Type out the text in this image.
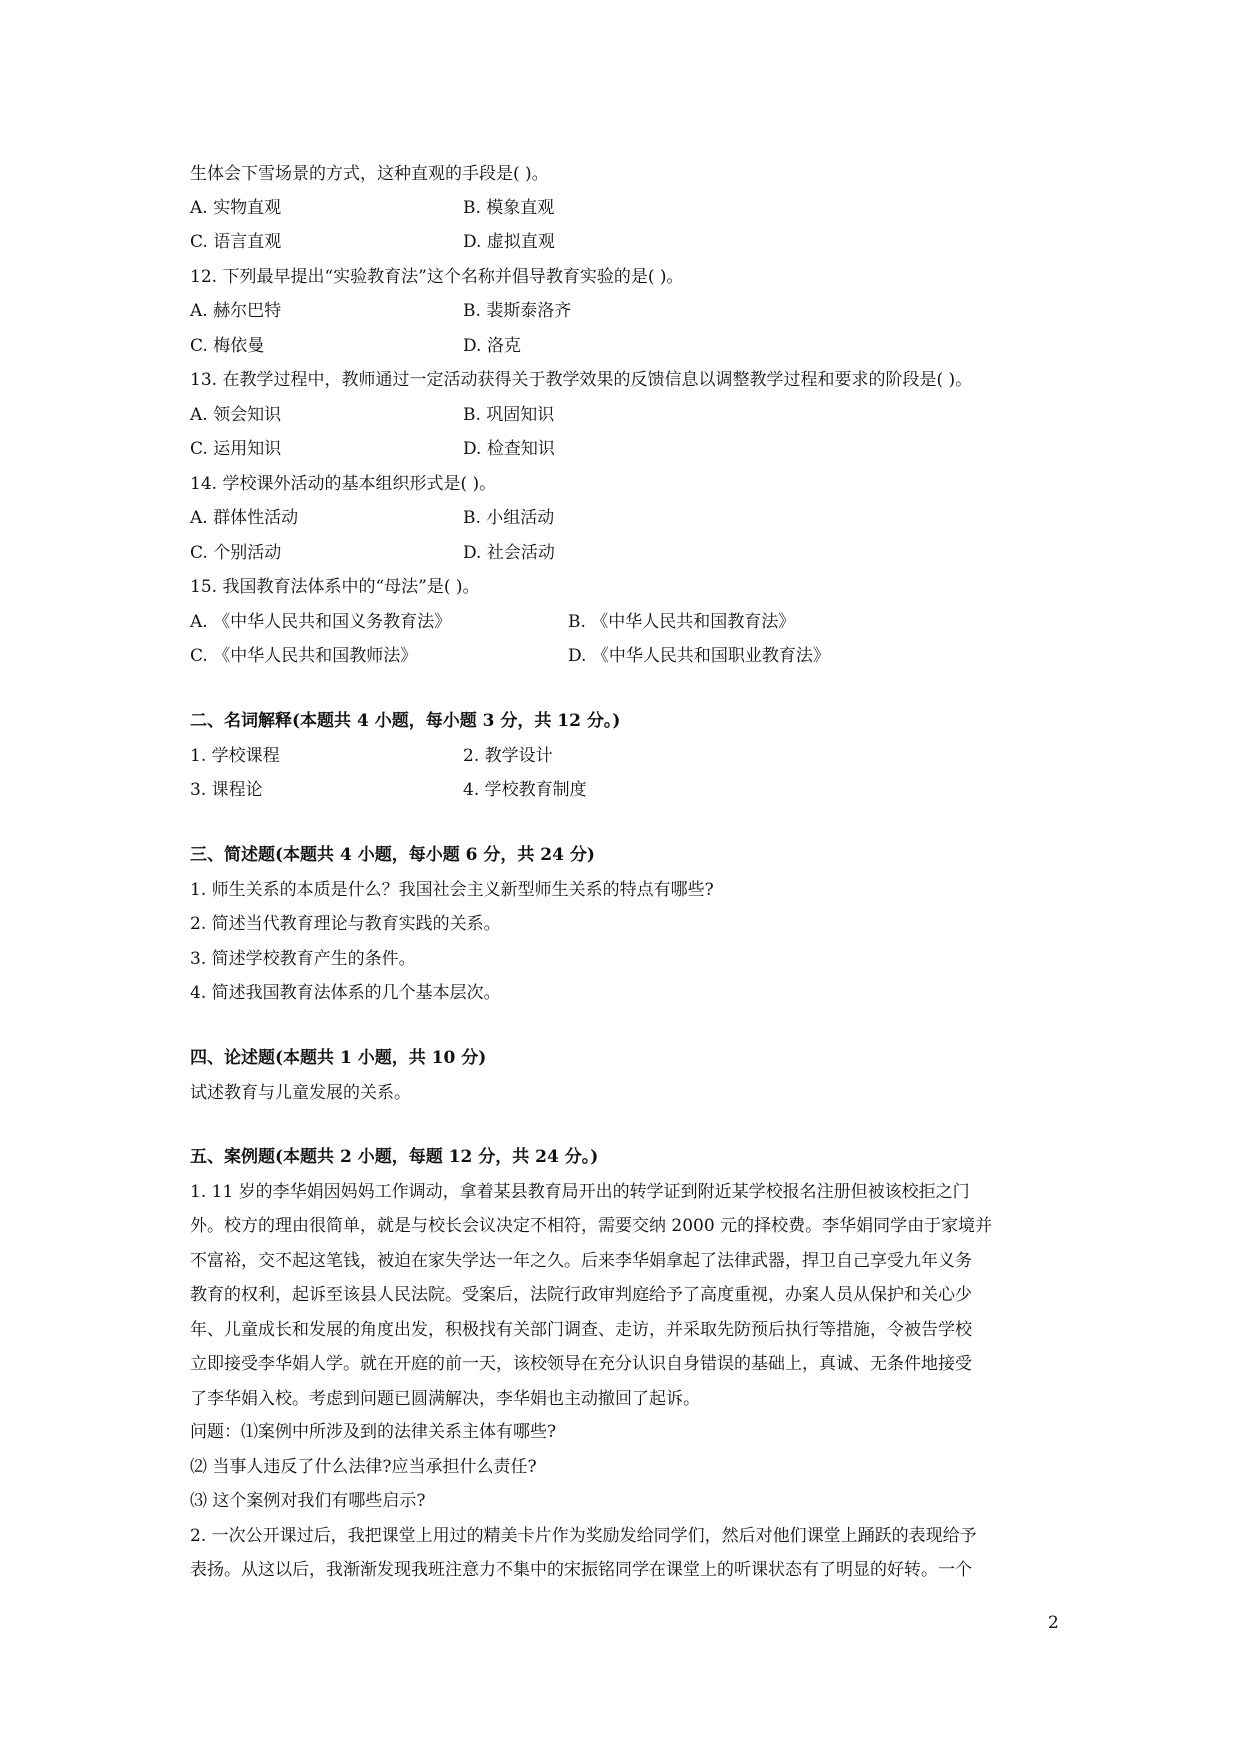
生体会下雪场景的方式，这种直观的手段是( )。
A. 实物直观	B. 模象直观
C. 语言直观	D. 虚拟直观
12. 下列最早提出“实验教育法”这个名称并倡导教育实验的是( )。
A. 赫尔巴特	B. 裴斯泰洛齐
C. 梅依曼	D. 洛克
13. 在教学过程中，教师通过一定活动获得关于教学效果的反馈信息以调整教学过程和要求的阶段是( )。
A. 领会知识	B. 巩固知识
C. 运用知识	D. 检查知识
14. 学校课外活动的基本组织形式是( )。
A. 群体性活动	B. 小组活动
C. 个别活动	D. 社会活动
15. 我国教育法体系中的“母法”是( )。
A. 《中华人民共和国义务教育法》	B. 《中华人民共和国教育法》
C. 《中华人民共和国教师法》	D. 《中华人民共和国职业教育法》
二、名词解释(本题共 4 小题，每小题 3 分，共 12 分。)
1. 学校课程	2. 教学设计
3. 课程论	4. 学校教育制度
三、简述题(本题共 4 小题，每小题 6 分，共 24 分)
1. 师生关系的本质是什么？我国社会主义新型师生关系的特点有哪些?
2. 简述当代教育理论与教育实践的关系。
3. 简述学校教育产生的条件。
4. 简述我国教育法体系的几个基本层次。
四、论述题(本题共 1 小题，共 10 分)
试述教育与儿童发展的关系。
五、案例题(本题共 2 小题，每题 12 分，共 24 分。)
1. 11 岁的李华娟因妈妈工作调动，拿着某县教育局开出的转学证到附近某学校报名注册但被该校拒之门
外。校方的理由很简单，就是与校长会议决定不相符，需要交纳 2000 元的择校费。李华娟同学由于家境并
不富裕，交不起这笔钱，被迫在家失学达一年之久。后来李华娟拿起了法律武器，捍卫自己享受九年义务
教育的权利，起诉至该县人民法院。受案后，法院行政审判庭给予了高度重视，办案人员从保护和关心少
年、儿童成长和发展的角度出发，积极找有关部门调查、走访，并采取先防预后执行等措施，令被告学校
立即接受李华娟人学。就在开庭的前一天，该校领导在充分认识自身错误的基础上，真诚、无条件地接受
了李华娟入校。考虑到问题已圆满解决，李华娟也主动撤回了起诉。
问题：⑴案例中所涉及到的法律关系主体有哪些?
⑵ 当事人违反了什么法律?应当承担什么责任?
⑶ 这个案例对我们有哪些启示?
2. 一次公开课过后，我把课堂上用过的精美卡片作为奖励发给同学们，然后对他们课堂上踊跃的表现给予
表扬。从这以后，我渐渐发现我班注意力不集中的宋振铭同学在课堂上的听课状态有了明显的好转。一个
2
